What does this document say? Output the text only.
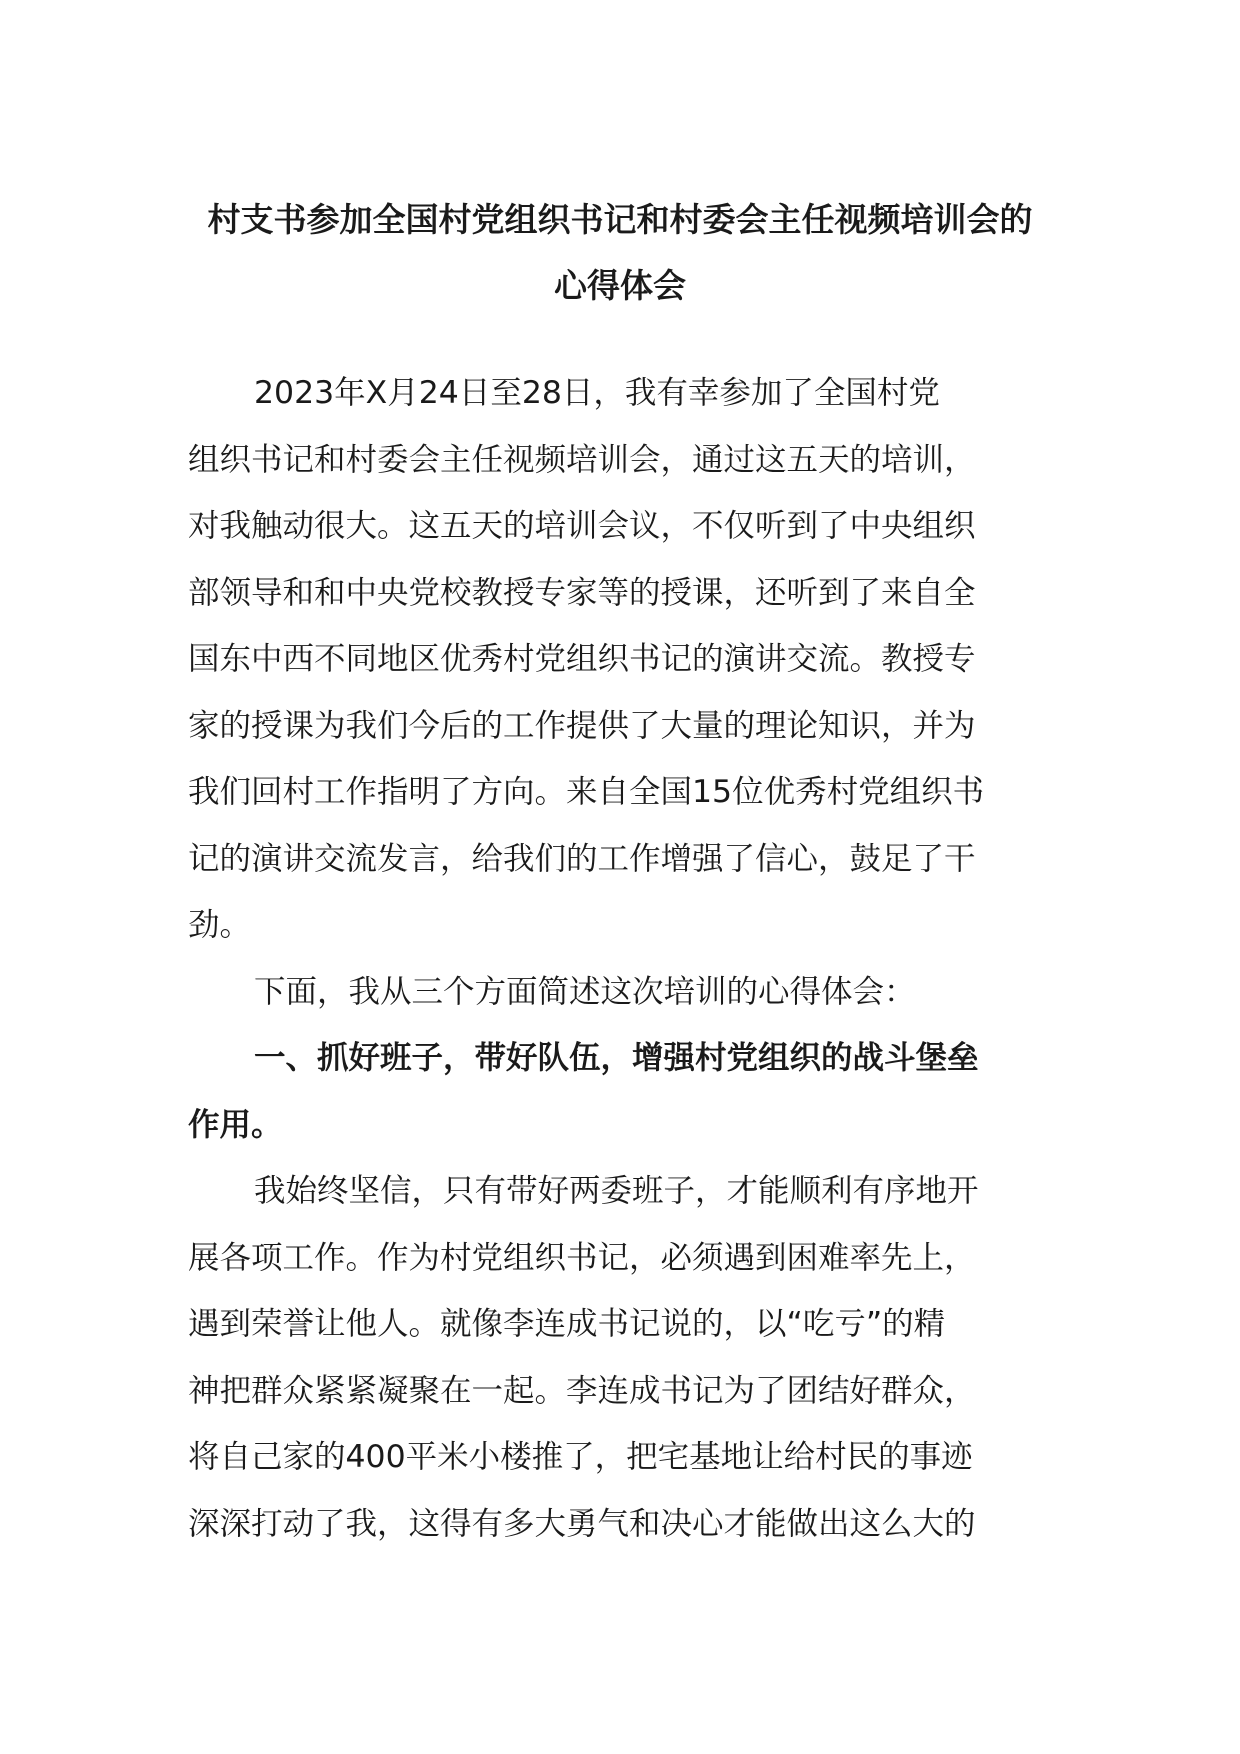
村支书参加全国村党组织书记和村委会主任视频培训会的
心得体会
2023年X月24日至28日，我有幸参加了全国村党
组织书记和村委会主任视频培训会，通过这五天的培训，
对我触动很大。这五天的培训会议，不仅听到了中央组织
部领导和和中央党校教授专家等的授课，还听到了来自全
国东中西不同地区优秀村党组织书记的演讲交流。教授专
家的授课为我们今后的工作提供了大量的理论知识，并为
我们回村工作指明了方向。来自全国15位优秀村党组织书
记的演讲交流发言，给我们的工作增强了信心，鼓足了干
劲。
下面，我从三个方面简述这次培训的心得体会：
一、抓好班子，带好队伍，增强村党组织的战斗堡垒
作用。
我始终坚信，只有带好两委班子，才能顺利有序地开
展各项工作。作为村党组织书记，必须遇到困难率先上，
遇到荣誉让他人。就像李连成书记说的，以“吃亏”的精
神把群众紧紧凝聚在一起。李连成书记为了团结好群众，
将自己家的400平米小楼推了，把宅基地让给村民的事迹
深深打动了我，这得有多大勇气和决心才能做出这么大的
